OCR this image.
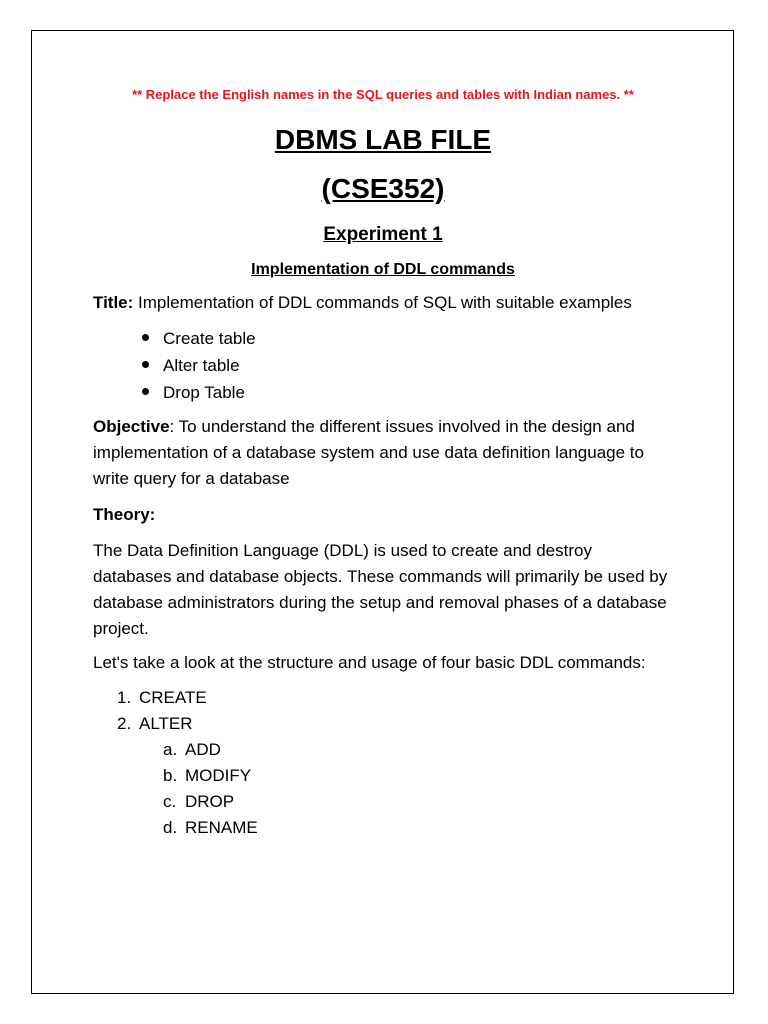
** Replace the English names in the SQL queries and tables with Indian names. **
DBMS LAB FILE
(CSE352)
Experiment 1
Implementation of DDL commands

Title: Implementation of DDL commands of SQL with suitable examples

Create table
Alter table
Drop Table

Objective: To understand the different issues involved in the design and implementation of a database system and use data definition language to write query for a database

Theory:

The Data Definition Language (DDL) is used to create and destroy databases and database objects. These commands will primarily be used by database administrators during the setup and removal phases of a database project.

Let's take a look at the structure and usage of four basic DDL commands:

1. CREATE
2. ALTER
a. ADD
b. MODIFY
c. DROP
d. RENAME
